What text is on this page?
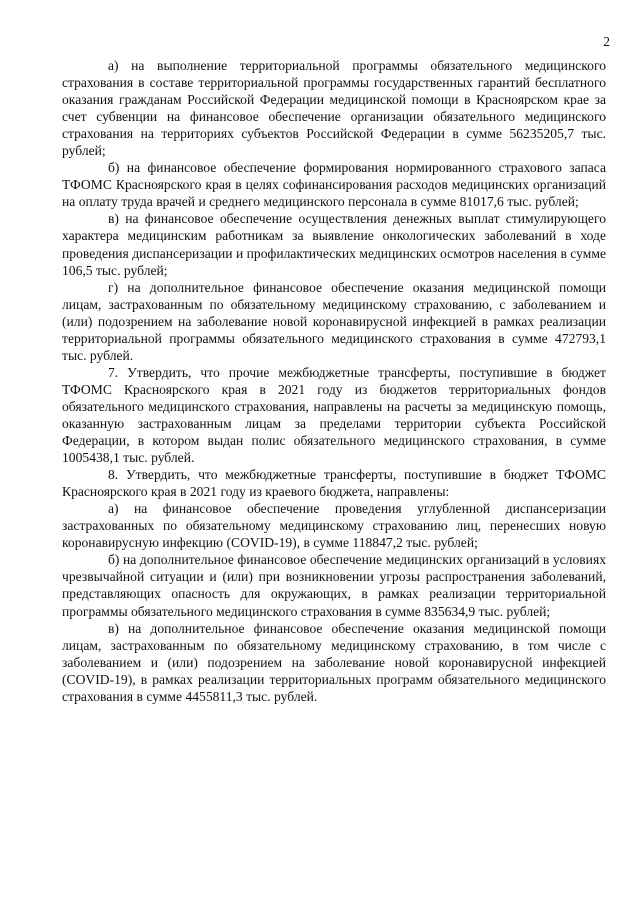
2

а) на выполнение территориальной программы обязательного медицинского страхования в составе территориальной программы государственных гарантий бесплатного оказания гражданам Российской Федерации медицинской помощи в Красноярском крае за счет субвенции на финансовое обеспечение организации обязательного медицинского страхования на территориях субъектов Российской Федерации в сумме 56235205,7 тыс. рублей;

б) на финансовое обеспечение формирования нормированного страхового запаса ТФОМС Красноярского края в целях софинансирования расходов медицинских организаций на оплату труда врачей и среднего медицинского персонала в сумме 81017,6 тыс. рублей;

в) на финансовое обеспечение осуществления денежных выплат стимулирующего характера медицинским работникам за выявление онкологических заболеваний в ходе проведения диспансеризации и профилактических медицинских осмотров населения в сумме 106,5 тыс. рублей;

г) на дополнительное финансовое обеспечение оказания медицинской помощи лицам, застрахованным по обязательному медицинскому страхованию, с заболеванием и (или) подозрением на заболевание новой коронавирусной инфекцией в рамках реализации территориальной программы обязательного медицинского страхования в сумме 472793,1 тыс. рублей.

7. Утвердить, что прочие межбюджетные трансферты, поступившие в бюджет ТФОМС Красноярского края в 2021 году из бюджетов территориальных фондов обязательного медицинского страхования, направлены на расчеты за медицинскую помощь, оказанную застрахованным лицам за пределами территории субъекта Российской Федерации, в котором выдан полис обязательного медицинского страхования, в сумме 1005438,1 тыс. рублей.

8. Утвердить, что межбюджетные трансферты, поступившие в бюджет ТФОМС Красноярского края в 2021 году из краевого бюджета, направлены:

а) на финансовое обеспечение проведения углубленной диспансеризации застрахованных по обязательному медицинскому страхованию лиц, перенесших новую коронавирусную инфекцию (COVID-19), в сумме 118847,2 тыс. рублей;

б) на дополнительное финансовое обеспечение медицинских организаций в условиях чрезвычайной ситуации и (или) при возникновении угрозы распространения заболеваний, представляющих опасность для окружающих, в рамках реализации территориальной программы обязательного медицинского страхования в сумме 835634,9 тыс. рублей;

в) на дополнительное финансовое обеспечение оказания медицинской помощи лицам, застрахованным по обязательному медицинскому страхованию, в том числе с заболеванием и (или) подозрением на заболевание новой коронавирусной инфекцией (COVID-19), в рамках реализации территориальных программ обязательного медицинского страхования в сумме 4455811,3 тыс. рублей.
